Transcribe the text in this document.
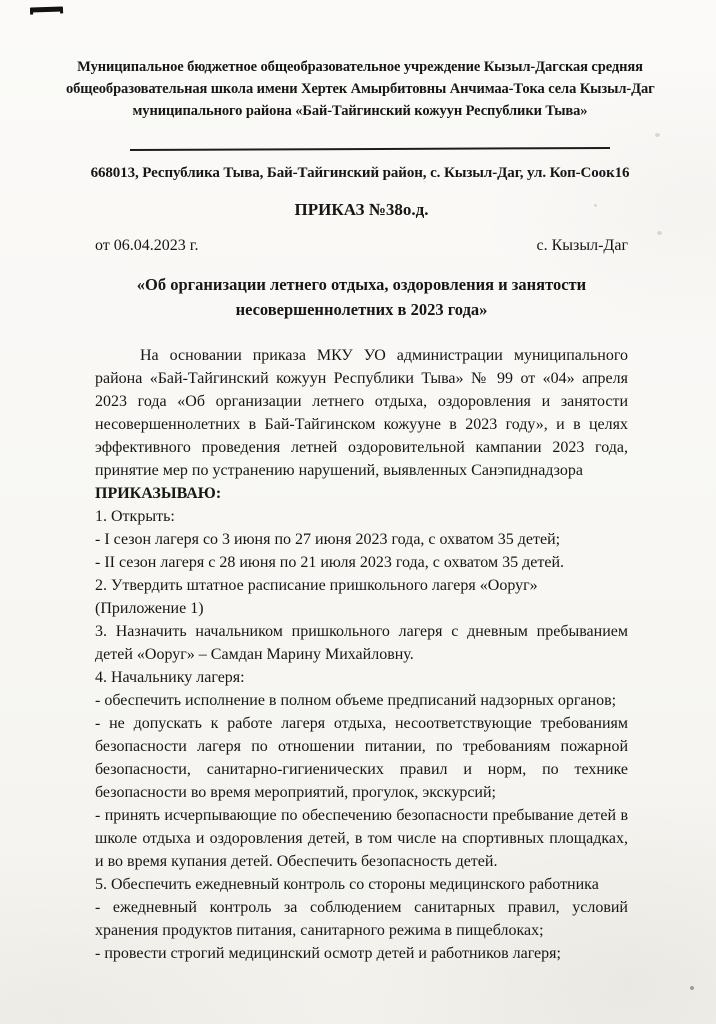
Муниципальное бюджетное общеобразовательное учреждение Кызыл-Дагская средняя
общеобразовательная школа имени Хертек Амырбитовны Анчимаа-Тока села Кызыл-Даг
муниципального района «Бай-Тайгинский кожуун Республики Тыва»
668013, Республика Тыва, Бай-Тайгинский район, с. Кызыл-Даг, ул. Коп-Соок16
ПРИКАЗ №38о.д.
от 06.04.2023 г.	с. Кызыл-Даг
«Об организации летнего отдыха, оздоровления и занятости
несовершеннолетних в 2023 года»

На основании приказа МКУ УО администрации муниципального района «Бай-Тайгинский кожуун Республики Тыва» № 99 от «04» апреля 2023 года «Об организации летнего отдыха, оздоровления и занятости несовершеннолетних в Бай-Тайгинском кожууне в 2023 году», и в целях эффективного проведения летней оздоровительной кампании 2023 года, принятие мер по устранению нарушений, выявленных Санэпиднадзора

ПРИКАЗЫВАЮ:

1. Открыть:

- I сезон лагеря со 3 июня по 27 июня 2023 года, с охватом 35 детей;

- II сезон лагеря с 28 июня по 21 июля 2023 года, с охватом 35 детей.

2. Утвердить штатное расписание пришкольного лагеря «Ооруг»

(Приложение 1)

3. Назначить начальником пришкольного лагеря с дневным пребыванием детей «Ооруг» – Самдан Марину Михайловну.

4. Начальнику лагеря:

- обеспечить исполнение в полном объеме предписаний надзорных органов;

- не допускать к работе лагеря отдыха, несоответствующие требованиям безопасности лагеря по отношении питании, по требованиям пожарной безопасности, санитарно-гигиенических правил и норм, по технике безопасности во время мероприятий, прогулок, экскурсий;

- принять исчерпывающие по обеспечению безопасности пребывание детей в школе отдыха и оздоровления детей, в том числе на спортивных площадках, и во время купания детей. Обеспечить безопасность детей.

5. Обеспечить ежедневный контроль со стороны медицинского работника

- ежедневный контроль за соблюдением санитарных правил, условий хранения продуктов питания, санитарного режима в пищеблоках;

- провести строгий медицинский осмотр детей и работников лагеря;
